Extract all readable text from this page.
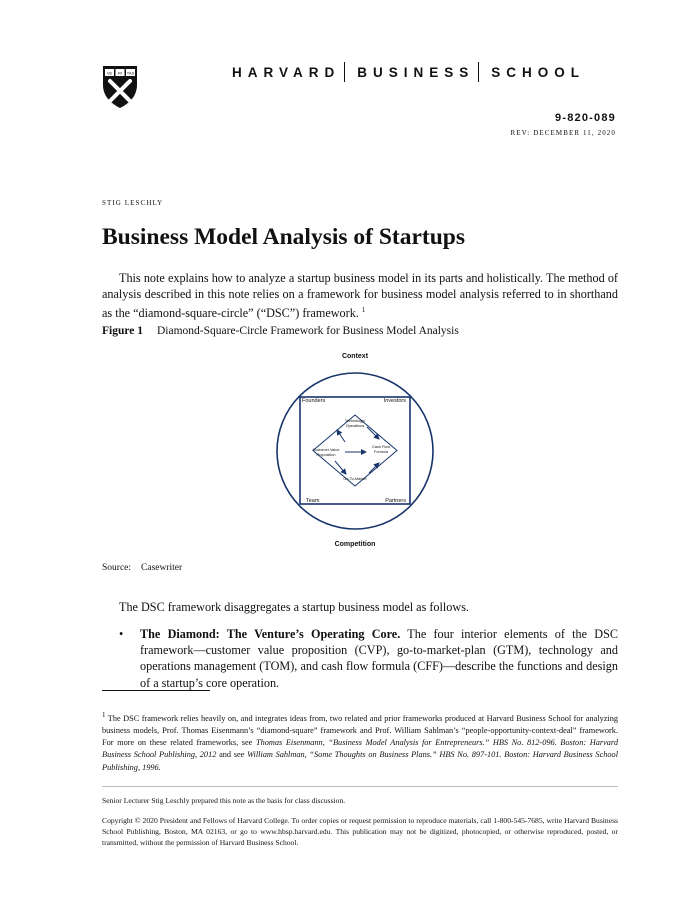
VE RI TAS	HARVARD BUSINESS SCHOOL
9-820-089
REV: DECEMBER 11, 2020
STIG LESCHLY
Business Model Analysis of Startups

This note explains how to analyze a startup business model in its parts and holistically. The method of analysis described in this note relies on a framework for business model analysis referred to in shorthand as the “diamond-square-circle” (“DSC”) framework. $^1$

Figure 1 Diamond-Square-Circle Framework for Business Model Analysis
Context
Competition
Founders	Investors
Team	Partners
Technology/
Operations
Customer Value
Proposition
Cash Flow
Formula
Go-To-Market
Source: Casewriter

The DSC framework disaggregates a startup business model as follows.

• The Diamond: The Venture’s Operating Core. The four interior elements of the DSC framework—customer value proposition (CVP), go-to-market-plan (GTM), technology and operations management (TOM), and cash flow formula (CFF)—describe the functions and design of a startup’s core operation.

$^1$ The DSC framework relies heavily on, and integrates ideas from, two related and prior frameworks produced at Harvard Business School for analyzing business models, Prof. Thomas Eisenmann’s “diamond-square” framework and Prof. William Sahlman’s “people-opportunity-context-deal” framework. For more on these related frameworks, see Thomas Eisenmann, “Business Model Analysis for Entrepreneurs.” HBS No. 812-096. Boston: Harvard Business School Publishing, 2012 and see William Sahlman, “Some Thoughts on Business Plans.” HBS No. 897-101. Boston: Harvard Business School Publishing, 1996.

Senior Lecturer Stig Leschly prepared this note as the basis for class discussion.

Copyright © 2020 President and Fellows of Harvard College. To order copies or request permission to reproduce materials, call 1-800-545-7685, write Harvard Business School Publishing, Boston, MA 02163, or go to www.hbsp.harvard.edu. This publication may not be digitized, photocopied, or otherwise reproduced, posted, or transmitted, without the permission of Harvard Business School.
